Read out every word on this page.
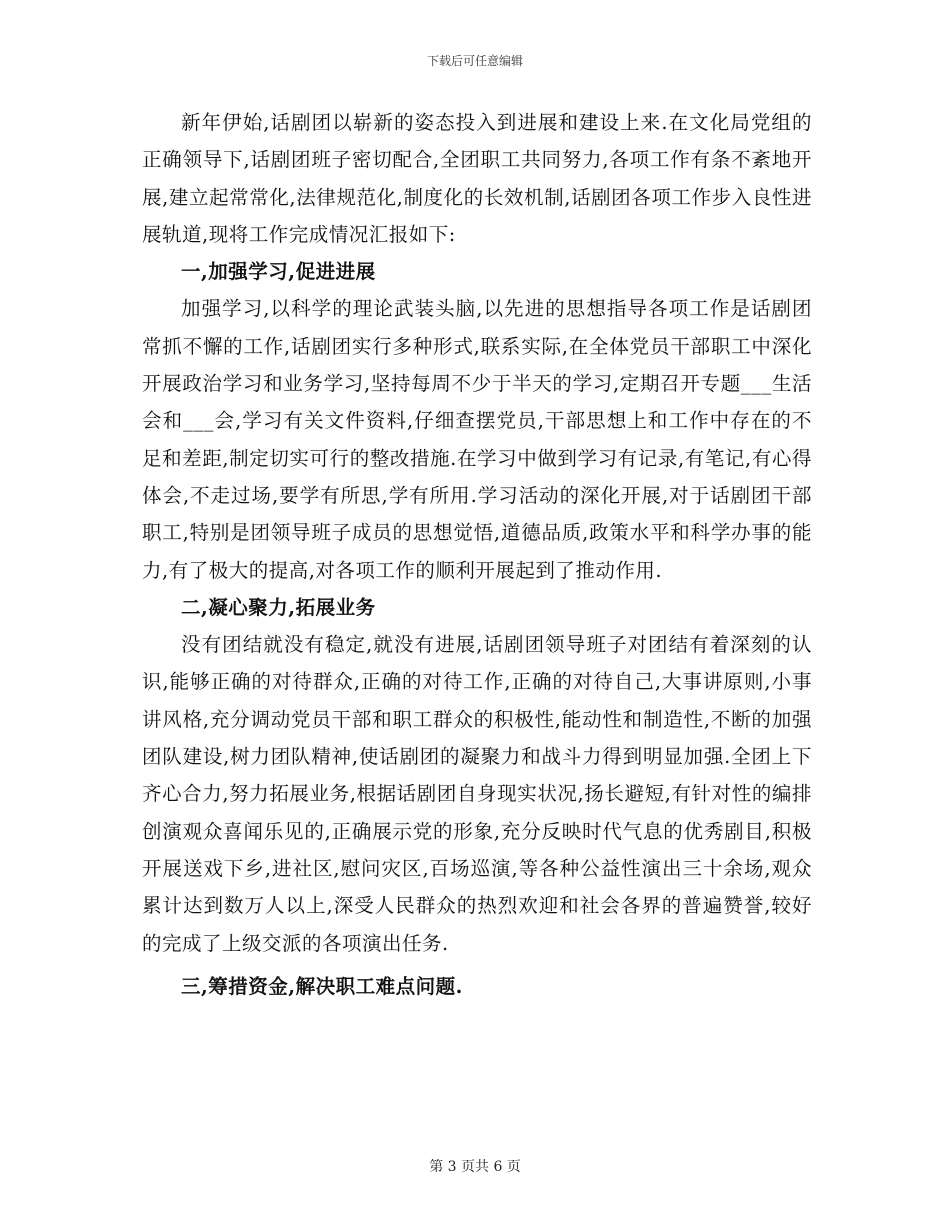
下载后可任意编辑

新年伊始,话剧团以崭新的姿态投入到进展和建设上来.在文化局党组的正确领导下,话剧团班子密切配合,全团职工共同努力,各项工作有条不紊地开展,建立起常常化,法律规范化,制度化的长效机制,话剧团各项工作步入良性进展轨道,现将工作完成情况汇报如下:

一,加强学习,促进进展

加强学习,以科学的理论武装头脑,以先进的思想指导各项工作是话剧团常抓不懈的工作,话剧团实行多种形式,联系实际,在全体党员干部职工中深化开展政治学习和业务学习,坚持每周不少于半天的学习,定期召开专题___生活会和___会,学习有关文件资料,仔细查摆党员,干部思想上和工作中存在的不足和差距,制定切实可行的整改措施.在学习中做到学习有记录,有笔记,有心得体会,不走过场,要学有所思,学有所用.学习活动的深化开展,对于话剧团干部职工,特别是团领导班子成员的思想觉悟,道德品质,政策水平和科学办事的能力,有了极大的提高,对各项工作的顺利开展起到了推动作用.

二,凝心聚力,拓展业务

没有团结就没有稳定,就没有进展,话剧团领导班子对团结有着深刻的认识,能够正确的对待群众,正确的对待工作,正确的对待自己,大事讲原则,小事讲风格,充分调动党员干部和职工群众的积极性,能动性和制造性,不断的加强团队建设,树力团队精神,使话剧团的凝聚力和战斗力得到明显加强.全团上下齐心合力,努力拓展业务,根据话剧团自身现实状况,扬长避短,有针对性的编排创演观众喜闻乐见的,正确展示党的形象,充分反映时代气息的优秀剧目,积极开展送戏下乡,进社区,慰问灾区,百场巡演,等各种公益性演出三十余场,观众累计达到数万人以上,深受人民群众的热烈欢迎和社会各界的普遍赞誉,较好的完成了上级交派的各项演出任务.

三,筹措资金,解决职工难点问题.

第 3 页共 6 页
